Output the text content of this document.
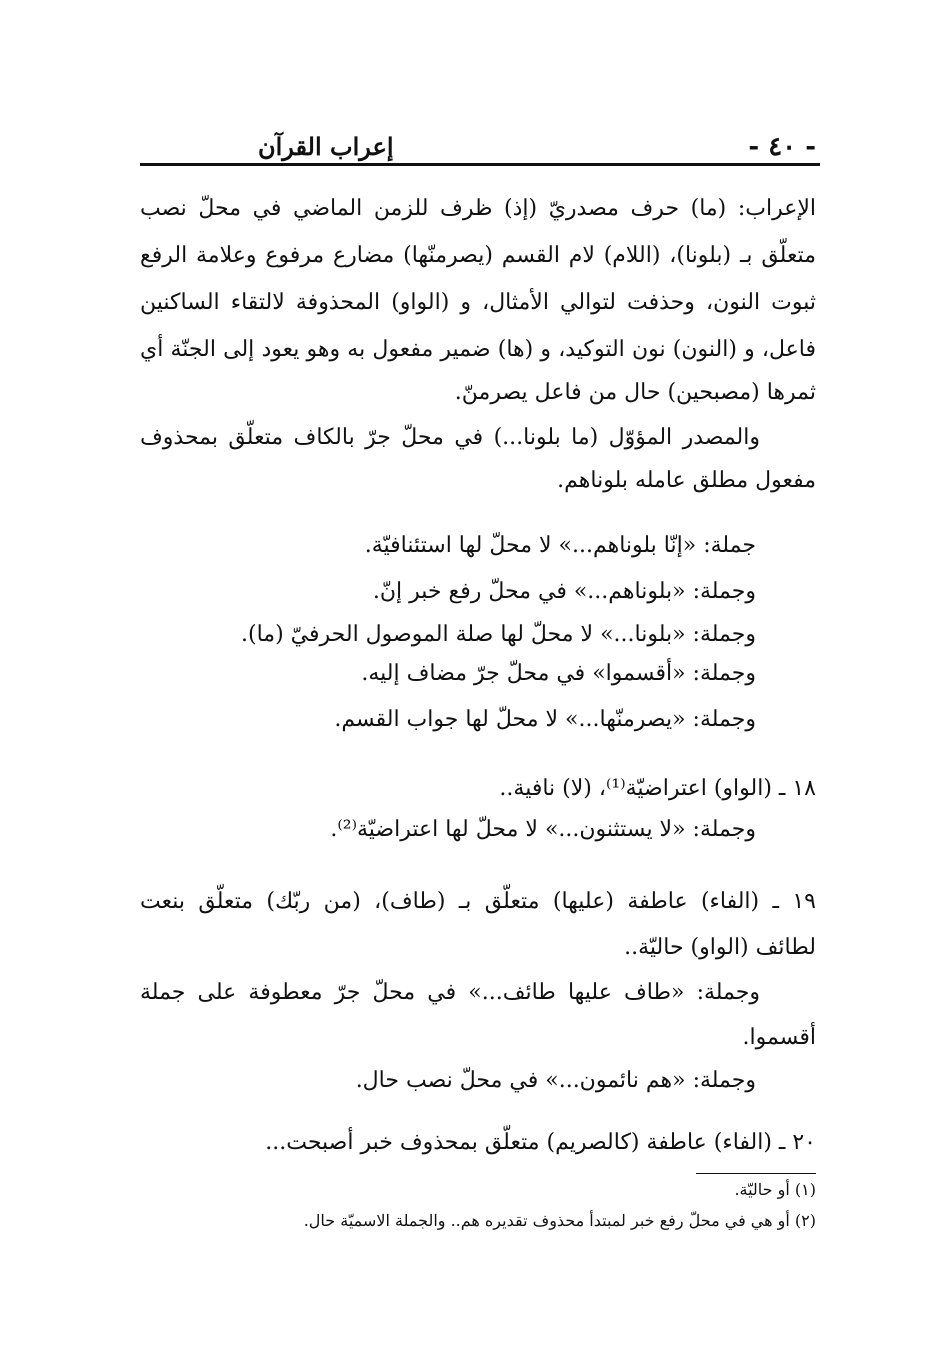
- ٤٠ -
إعراب القرآن
الإعراب: (ما) حرف مصدريّ (إذ) ظرف للزمن الماضي في محلّ نصب
متعلّق بـ (بلونا)، (اللام) لام القسم (يصرمنّها) مضارع مرفوع وعلامة الرفع
ثبوت النون، وحذفت لتوالي الأمثال، و (الواو) المحذوفة لالتقاء الساكنين
فاعل، و (النون) نون التوكيد، و (ها) ضمير مفعول به وهو يعود إلى الجنّة أي
ثمرها (مصبحين) حال من فاعل يصرمنّ.
والمصدر المؤوّل (ما بلونا...) في محلّ جرّ بالكاف متعلّق بمحذوف
مفعول مطلق عامله بلوناهم.
جملة: «إنّا بلوناهم...» لا محلّ لها استئنافيّة.
وجملة: «بلوناهم...» في محلّ رفع خبر إنّ.
وجملة: «بلونا...» لا محلّ لها صلة الموصول الحرفيّ (ما).
وجملة: «أقسموا» في محلّ جرّ مضاف إليه.
وجملة: «يصرمنّها...» لا محلّ لها جواب القسم.
١٨ ـ (الواو) اعتراضيّة⁽¹⁾، (لا) نافية..
وجملة: «لا يستثنون...» لا محلّ لها اعتراضيّة⁽²⁾.
١٩ ـ (الفاء) عاطفة (عليها) متعلّق بـ (طاف)، (من ربّك) متعلّق بنعت
لطائف (الواو) حاليّة..
وجملة: «طاف عليها طائف...» في محلّ جرّ معطوفة على جملة
أقسموا.
وجملة: «هم نائمون...» في محلّ نصب حال.
٢٠ ـ (الفاء) عاطفة (كالصريم) متعلّق بمحذوف خبر أصبحت...
(١) أو حاليّة.
(٢) أو هي في محلّ رفع خبر لمبتدأ محذوف تقديره هم.. والجملة الاسميّة حال.
